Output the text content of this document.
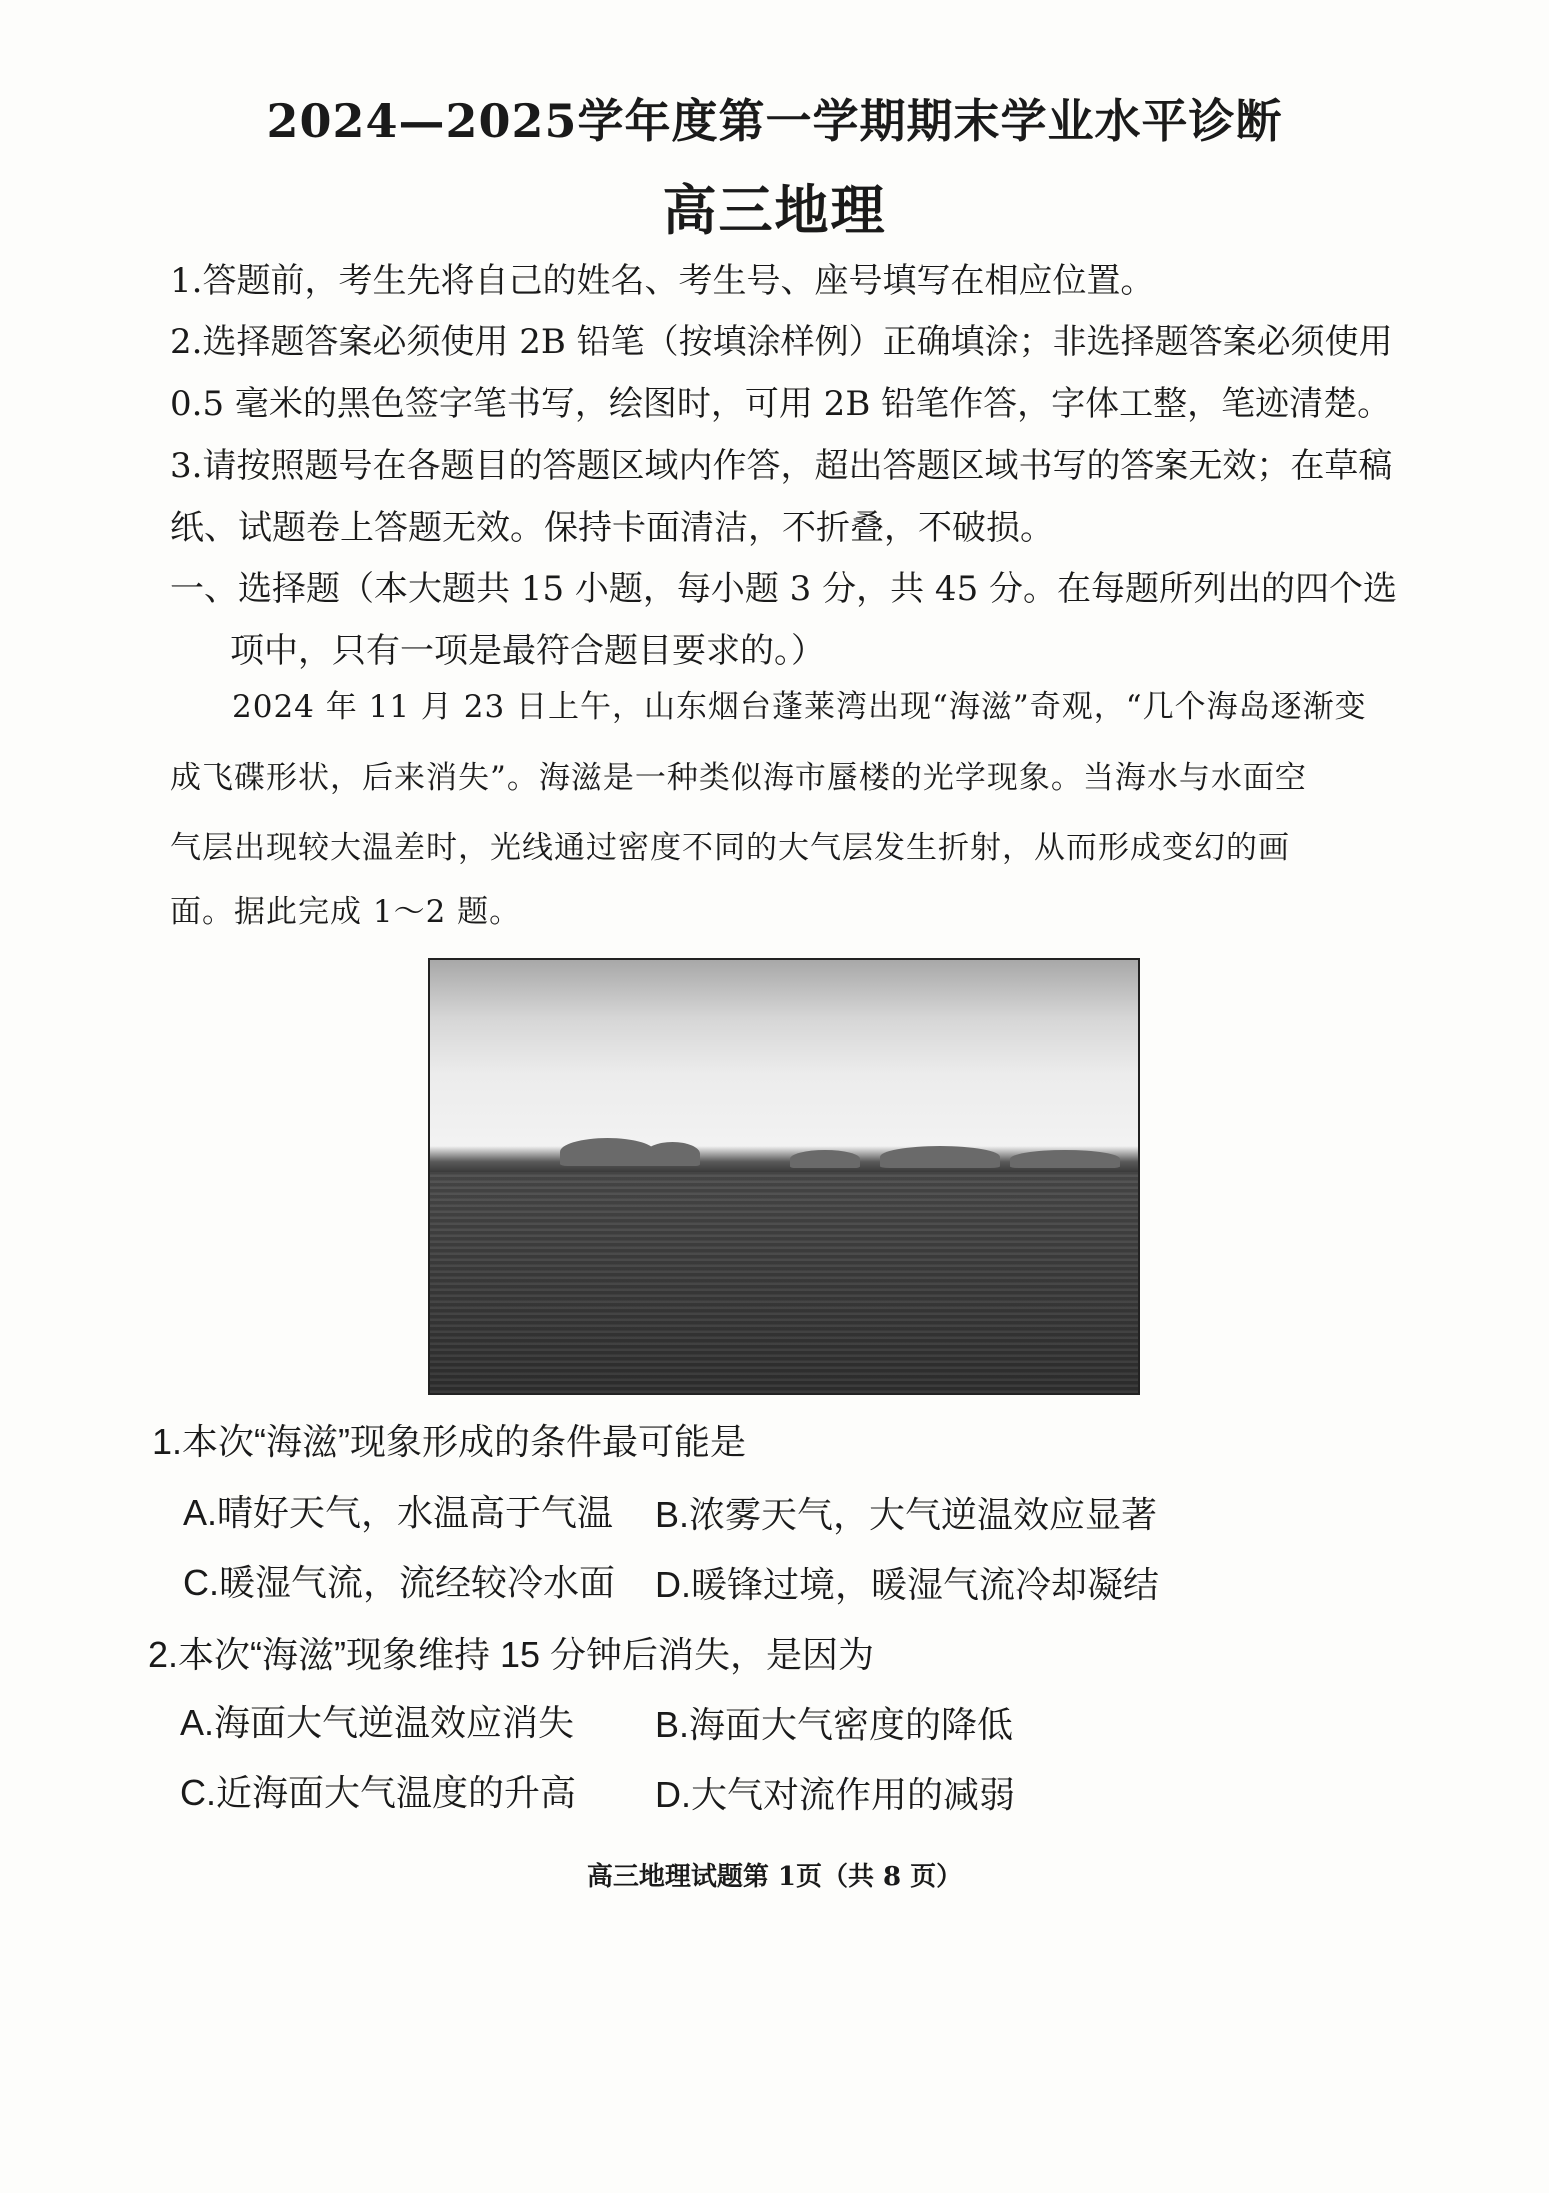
2024—2025学年度第一学期期末学业水平诊断
高三地理
1.答题前，考生先将自己的姓名、考生号、座号填写在相应位置。
2.选择题答案必须使用 2B 铅笔（按填涂样例）正确填涂；非选择题答案必须使用
0.5 毫米的黑色签字笔书写，绘图时，可用 2B 铅笔作答，字体工整，笔迹清楚。
3.请按照题号在各题目的答题区域内作答，超出答题区域书写的答案无效；在草稿
纸、试题卷上答题无效。保持卡面清洁，不折叠，不破损。
一、选择题（本大题共 15 小题，每小题 3 分，共 45 分。在每题所列出的四个选
项中，只有一项是最符合题目要求的。）
2024 年 11 月 23 日上午，山东烟台蓬莱湾出现“海滋”奇观，“几个海岛逐渐变
成飞碟形状，后来消失”。海滋是一种类似海市蜃楼的光学现象。当海水与水面空
气层出现较大温差时，光线通过密度不同的大气层发生折射，从而形成变幻的画
面。据此完成 1～2 题。
1.本次“海滋”现象形成的条件最可能是
A.晴好天气，水温高于气温 B.浓雾天气，大气逆温效应显著
C.暖湿气流，流经较冷水面 D.暖锋过境，暖湿气流冷却凝结
2.本次“海滋”现象维持 15 分钟后消失，是因为
A.海面大气逆温效应消失 B.海面大气密度的降低
C.近海面大气温度的升高 D.大气对流作用的减弱
高三地理试题第 1页（共 8 页）
